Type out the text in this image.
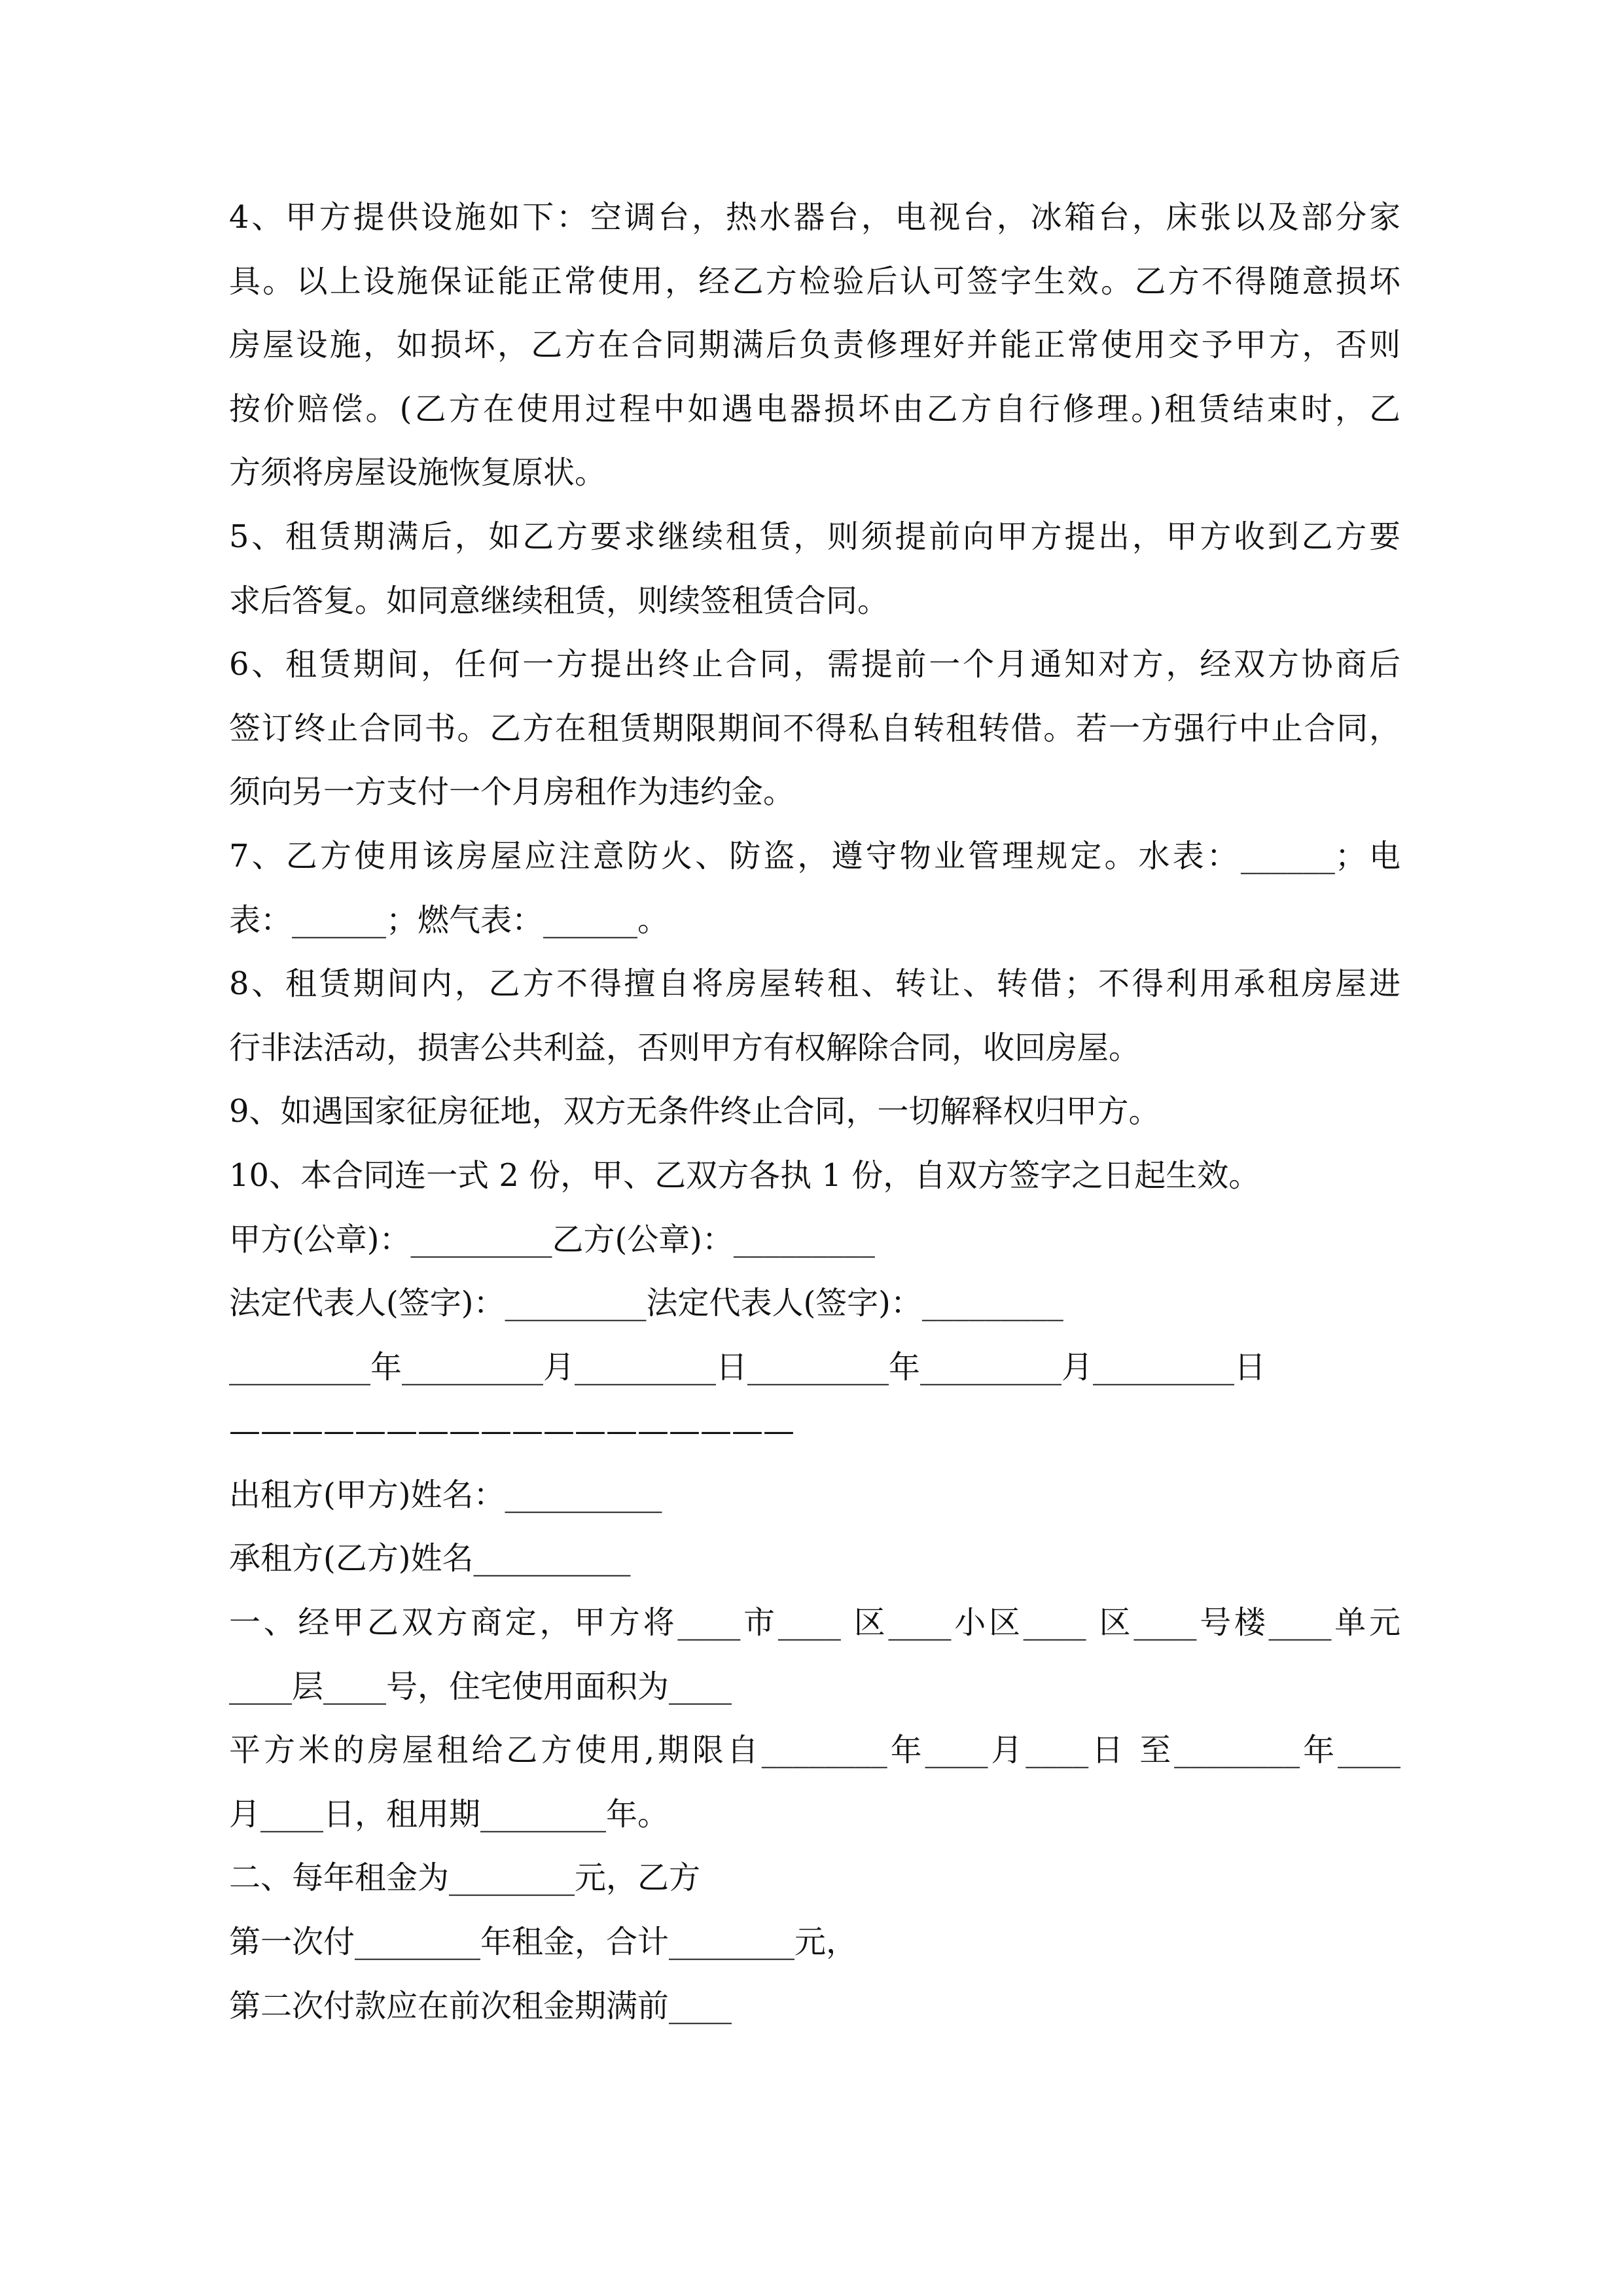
4、甲方提供设施如下：空调台，热水器台，电视台，冰箱台，床张以及部分家
具。以上设施保证能正常使用，经乙方检验后认可签字生效。乙方不得随意损坏
房屋设施，如损坏，乙方在合同期满后负责修理好并能正常使用交予甲方，否则
按价赔偿。(乙方在使用过程中如遇电器损坏由乙方自行修理。)租赁结束时，乙
方须将房屋设施恢复原状。
5、租赁期满后，如乙方要求继续租赁，则须提前向甲方提出，甲方收到乙方要
求后答复。如同意继续租赁，则续签租赁合同。
6、租赁期间，任何一方提出终止合同，需提前一个月通知对方，经双方协商后
签订终止合同书。乙方在租赁期限期间不得私自转租转借。若一方强行中止合同，
须向另一方支付一个月房租作为违约金。
7、乙方使用该房屋应注意防火、防盗，遵守物业管理规定。水表：______；电
表：______；燃气表：______。
8、租赁期间内，乙方不得擅自将房屋转租、转让、转借；不得利用承租房屋进
行非法活动，损害公共利益，否则甲方有权解除合同，收回房屋。
9、如遇国家征房征地，双方无条件终止合同，一切解释权归甲方。
10、本合同连一式 2 份，甲、乙双方各执 1 份，自双方签字之日起生效。
甲方(公章)：_________乙方(公章)：_________
法定代表人(签字)：_________法定代表人(签字)：_________
_________年_________月_________日_________年_________月_________日
——————————————————
出租方(甲方)姓名：__________
承租方(乙方)姓名__________
一、经甲乙双方商定，甲方将____市____ 区____小区____ 区____号楼____单元
____层____号，住宅使用面积为____
平方米的房屋租给乙方使用,期限自________年____月____日 至________年____
月____日，租用期________年。
二、每年租金为________元，乙方
第一次付________年租金，合计________元，
第二次付款应在前次租金期满前____
